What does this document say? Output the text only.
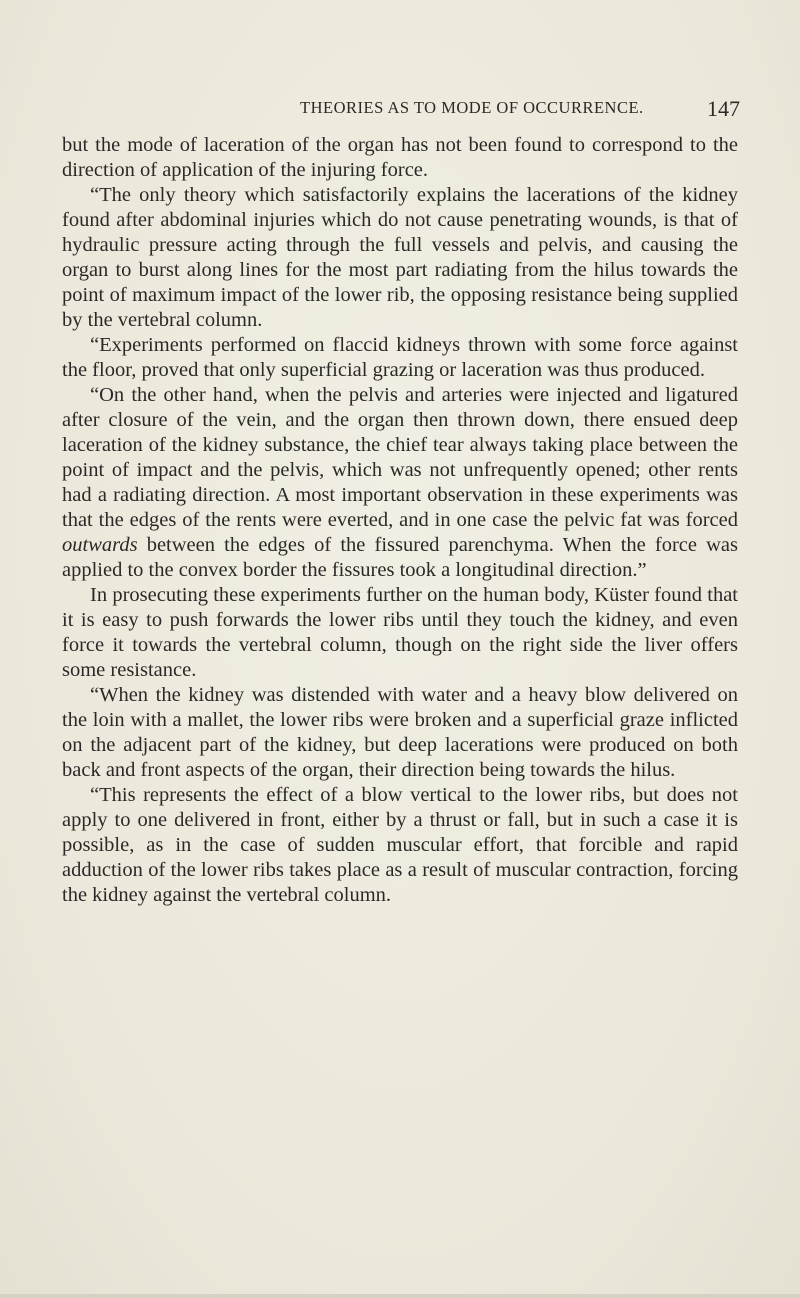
THEORIES AS TO MODE OF OCCURRENCE.	147

but the mode of laceration of the organ has not been found to correspond to the direction of application of the injuring force.

“The only theory which satisfactorily explains the lacerations of the kidney found after abdominal injuries which do not cause penetrating wounds, is that of hydraulic pressure acting through the full vessels and pelvis, and causing the organ to burst along lines for the most part radiating from the hilus towards the point of maximum impact of the lower rib, the opposing resistance being supplied by the vertebral column.

“Experiments performed on flaccid kidneys thrown with some force against the floor, proved that only superficial grazing or laceration was thus produced.

“On the other hand, when the pelvis and arteries were injected and ligatured after closure of the vein, and the organ then thrown down, there ensued deep laceration of the kidney substance, the chief tear always taking place between the point of impact and the pelvis, which was not unfrequently opened; other rents had a radiating direction. A most important observation in these experiments was that the edges of the rents were everted, and in one case the pelvic fat was forced outwards between the edges of the fissured parenchyma. When the force was applied to the convex border the fissures took a longitudinal direction.”

In prosecuting these experiments further on the human body, Küster found that it is easy to push forwards the lower ribs until they touch the kidney, and even force it towards the vertebral column, though on the right side the liver offers some resistance.

“When the kidney was distended with water and a heavy blow delivered on the loin with a mallet, the lower ribs were broken and a superficial graze inflicted on the adjacent part of the kidney, but deep lacerations were produced on both back and front aspects of the organ, their direction being towards the hilus.

“This represents the effect of a blow vertical to the lower ribs, but does not apply to one delivered in front, either by a thrust or fall, but in such a case it is possible, as in the case of sudden muscular effort, that forcible and rapid adduction of the lower ribs takes place as a result of muscular contraction, forcing the kidney against the vertebral column.
